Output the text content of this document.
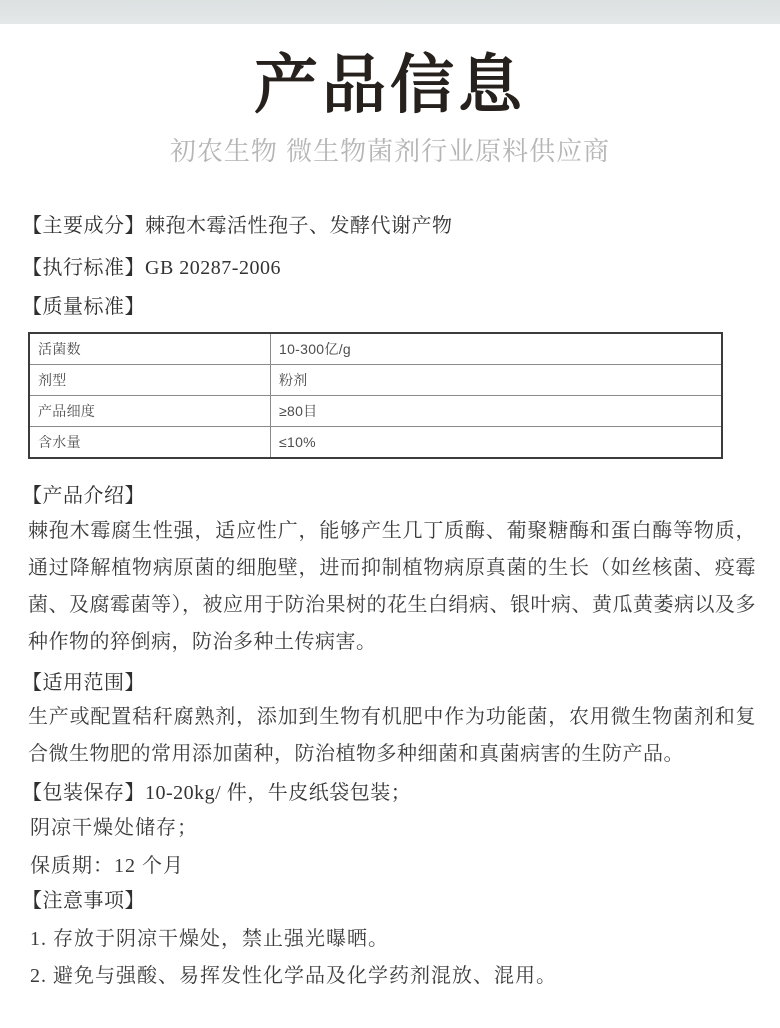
产品信息
初农生物 微生物菌剂行业原料供应商
【主要成分】棘孢木霉活性孢子、发酵代谢产物
【执行标准】GB 20287-2006
【质量标准】
活菌数	10-300亿/g
剂型	粉剂
产品细度	≥80目
含水量	≤10%
【产品介绍】
棘孢木霉腐生性强，适应性广，能够产生几丁质酶、葡聚糖酶和蛋白酶等物质，通过降解植物病原菌的细胞壁，进而抑制植物病原真菌的生长（如丝核菌、疫霉菌、及腐霉菌等），被应用于防治果树的花生白绢病、银叶病、黄瓜黄萎病以及多种作物的猝倒病，防治多种土传病害。
【适用范围】
生产或配置秸秆腐熟剂，添加到生物有机肥中作为功能菌，农用微生物菌剂和复合微生物肥的常用添加菌种，防治植物多种细菌和真菌病害的生防产品。
【包装保存】10-20kg/ 件，牛皮纸袋包装；
阴凉干燥处储存；
保质期：12 个月
【注意事项】
1. 存放于阴凉干燥处，禁止强光曝晒。
2. 避免与强酸、易挥发性化学品及化学药剂混放、混用。
